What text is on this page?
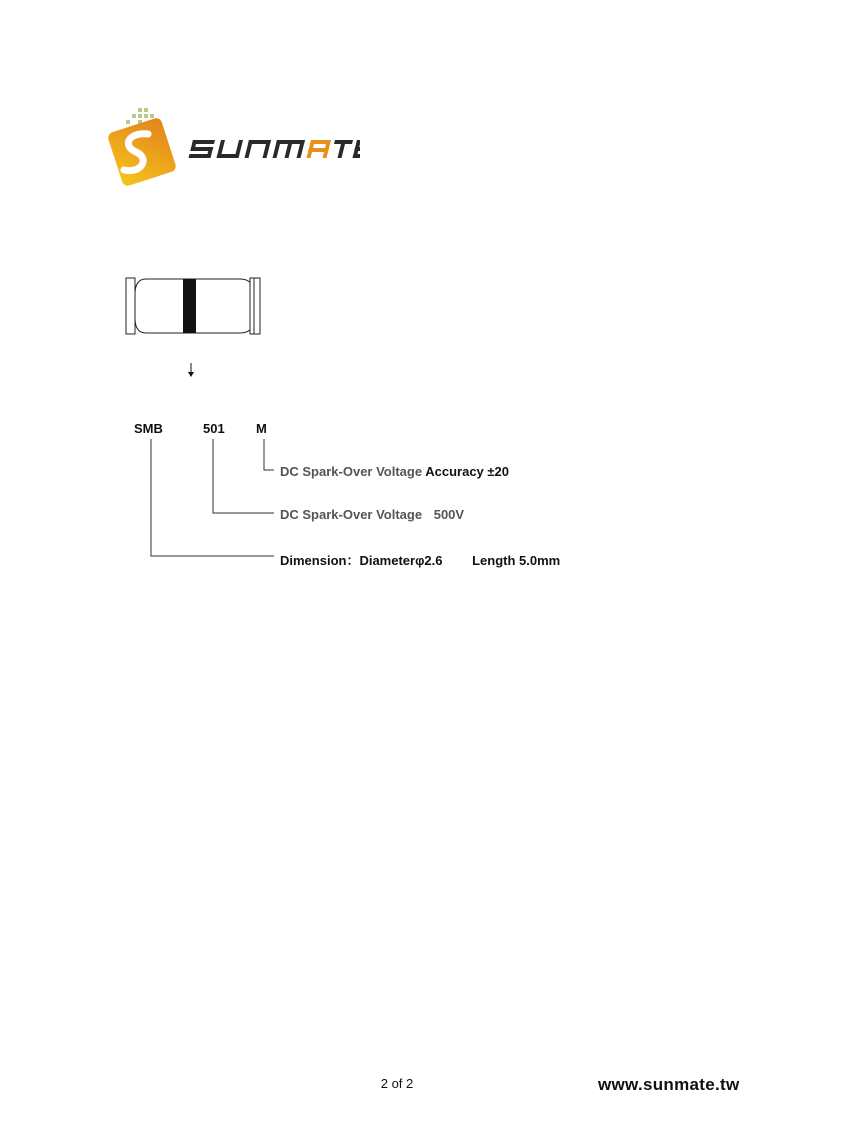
SMB	501 M
DC Spark-Over Voltage Accuracy ±20
DC Spark-Over Voltage 500V
Dimension：Diameterφ2.6 Length 5.0mm
2 of 2	www.sunmate.tw
